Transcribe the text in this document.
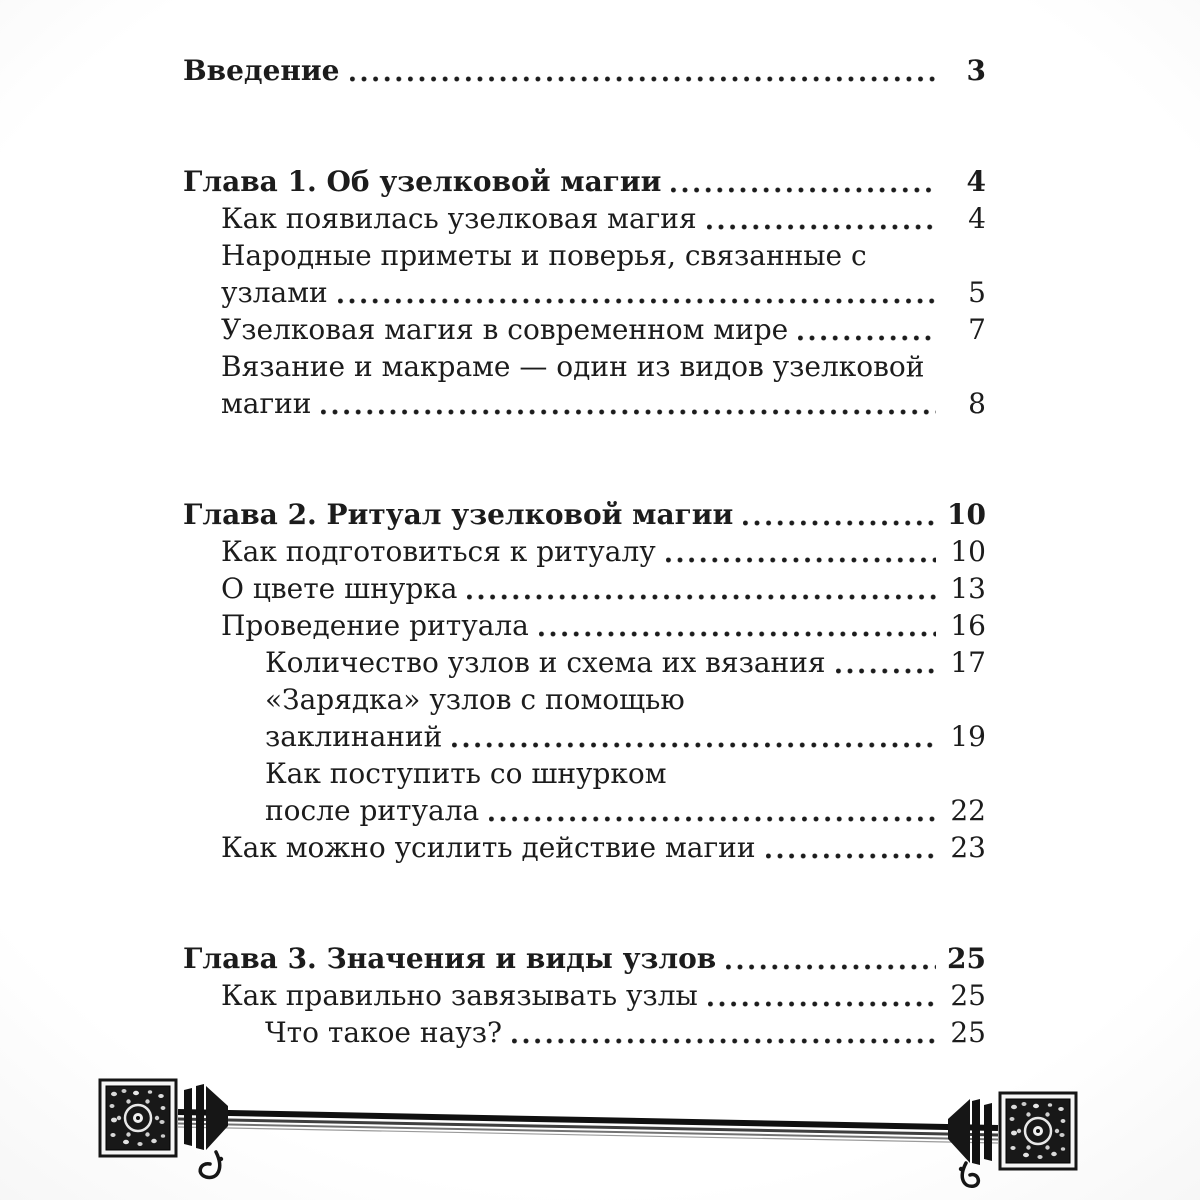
Введение	3
Глава 1. Об узелковой магии	4
Как появилась узелковая магия	4
Народные приметы и поверья, связанные с
узлами	5
Узелковая магия в современном мире	7
Вязание и макраме — один из видов узелковой
магии	8
Глава 2. Ритуал узелковой магии	10
Как подготовиться к ритуалу	10
О цвете шнурка	13
Проведение ритуала	16
Количество узлов и схема их вязания	17
«Зарядка» узлов с помощью
заклинаний	19
Как поступить со шнурком
после ритуала	22
Как можно усилить действие магии	23
Глава 3. Значения и виды узлов	25
Как правильно завязывать узлы	25
Что такое науз?	25
